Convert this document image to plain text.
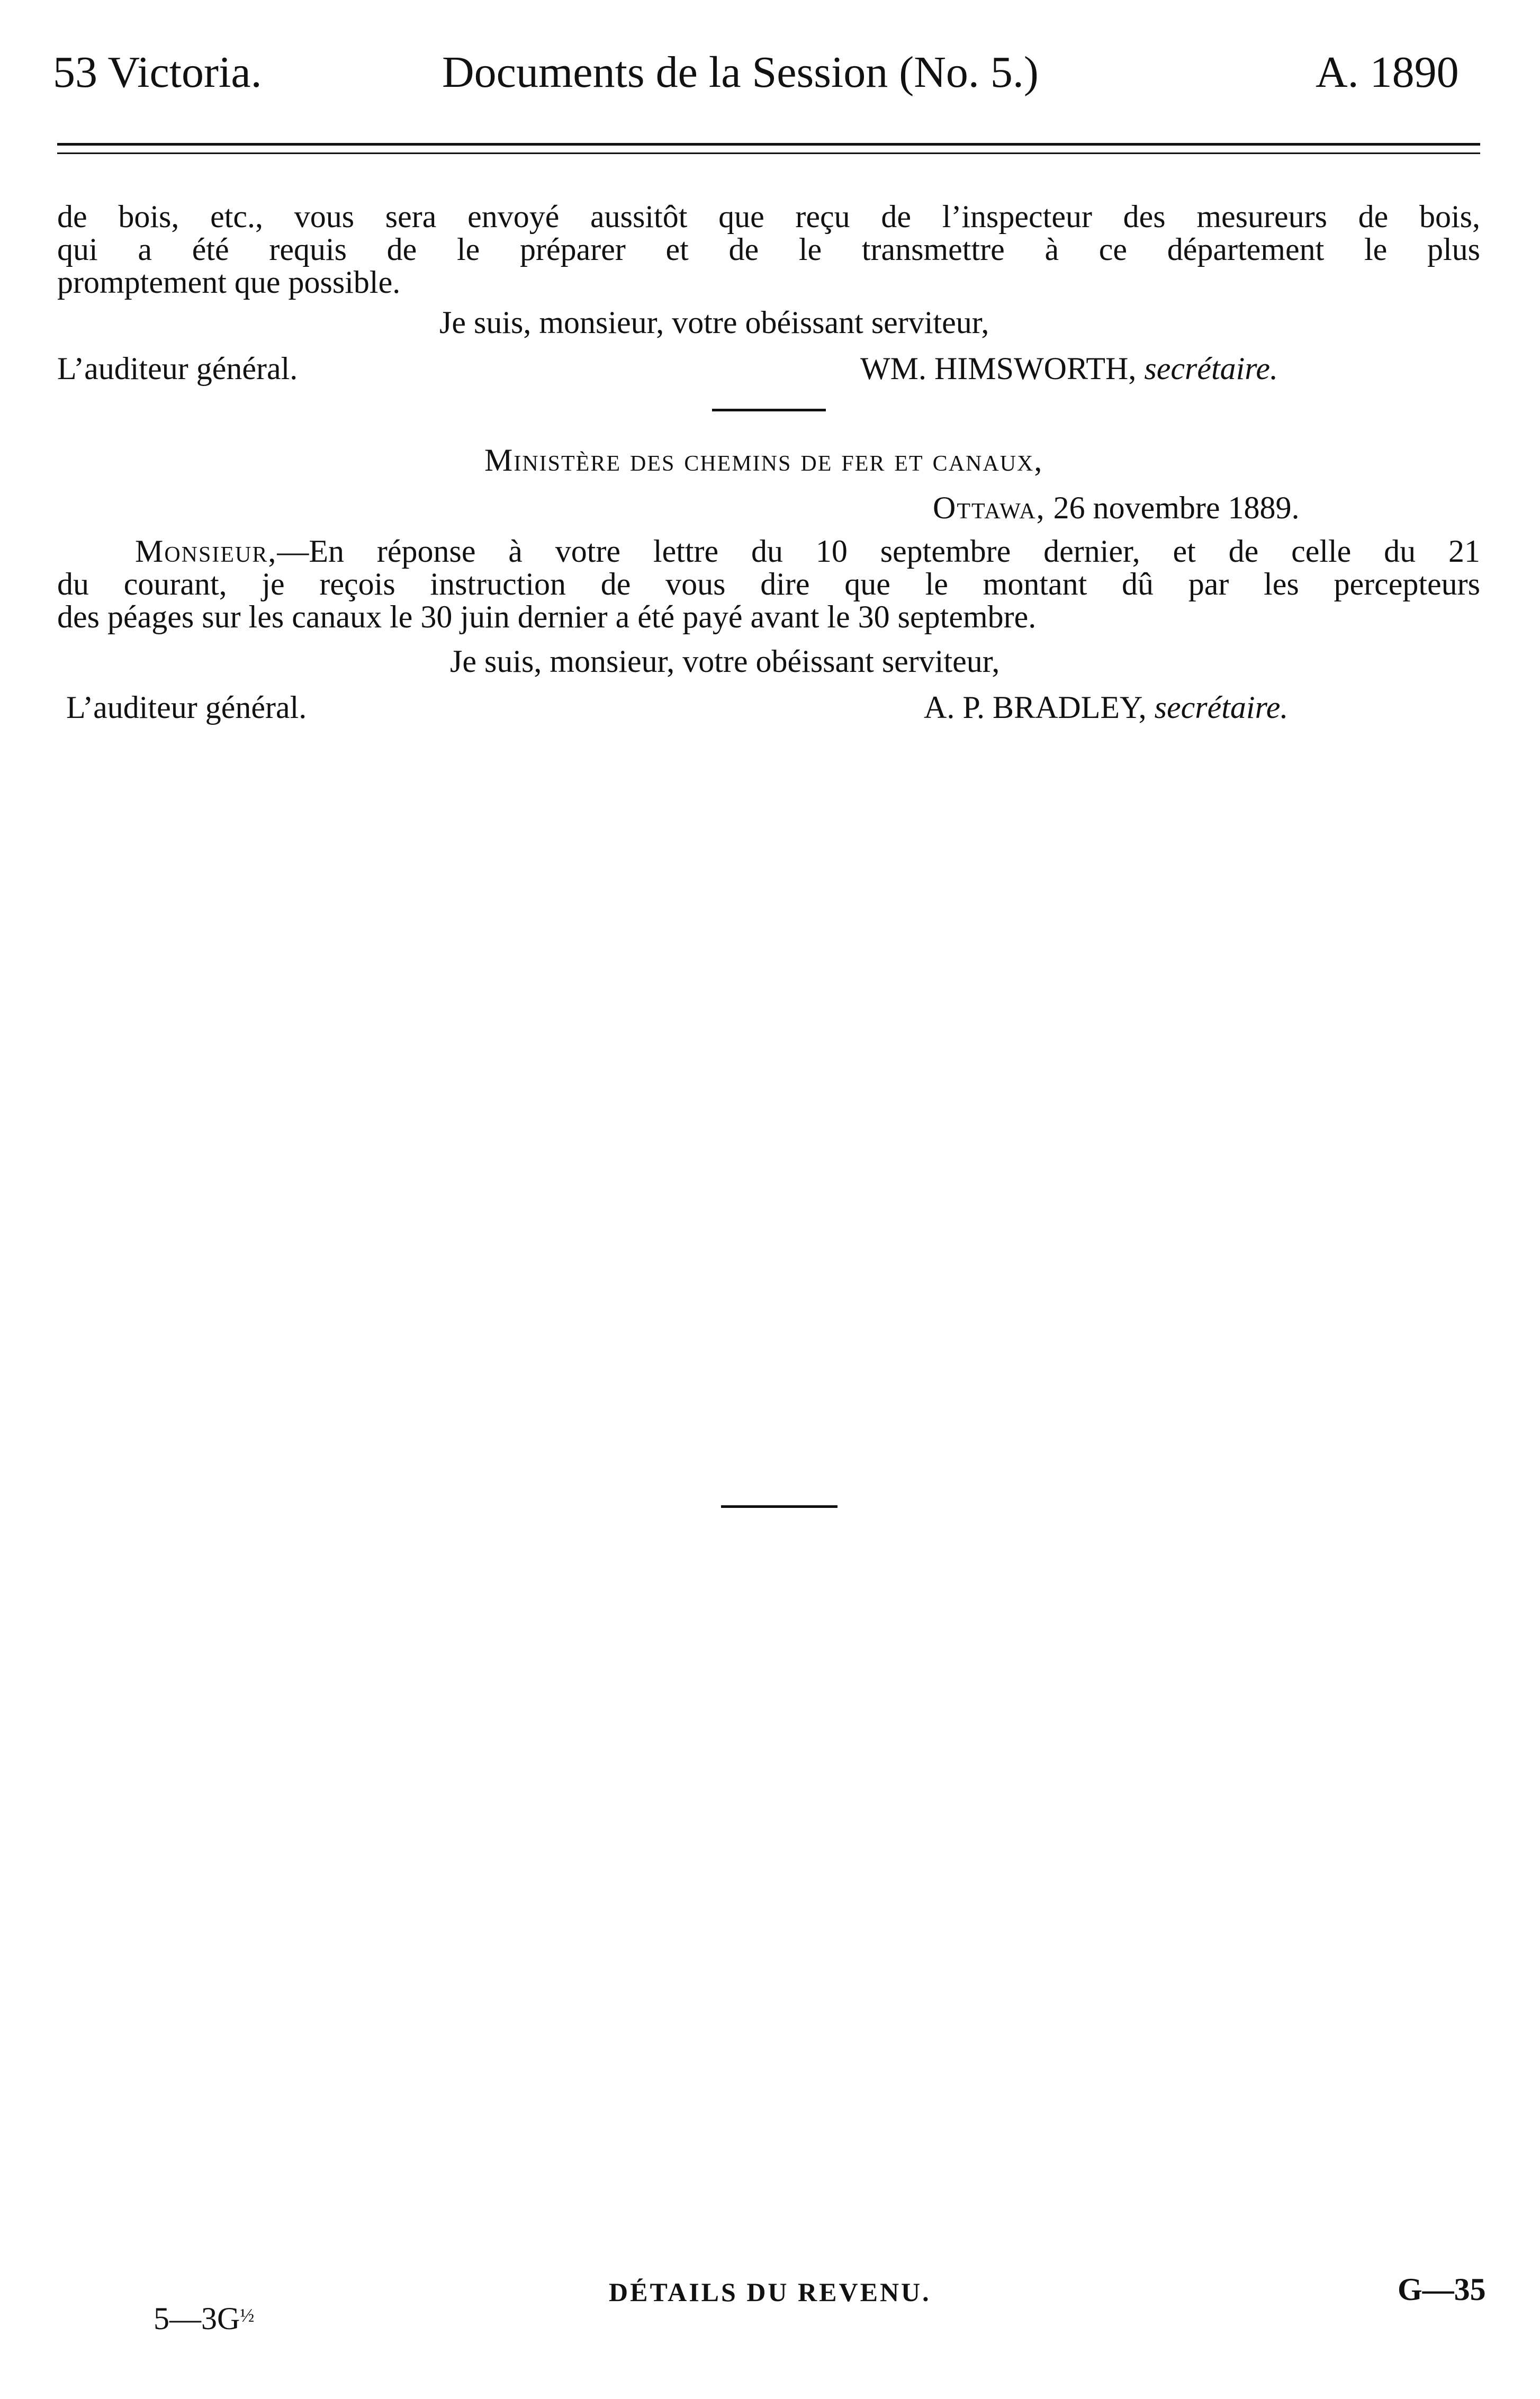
53 Victoria.	Documents de la Session (No. 5.)	A. 1890
de bois, etc., vous sera envoyé aussitôt que reçu de l’inspecteur des mesureurs de bois,
qui a été requis de le préparer et de le transmettre à ce département le plus
promptement que possible.
Je suis, monsieur, votre obéissant serviteur,
L’auditeur général.	WM. HIMSWORTH, secrétaire.
Ministère des chemins de fer et canaux,
Ottawa, 26 novembre 1889.
Monsieur,—En réponse à votre lettre du 10 septembre dernier, et de celle du 21
du courant, je reçois instruction de vous dire que le montant dû par les percepteurs
des péages sur les canaux le 30 juin dernier a été payé avant le 30 septembre.
Je suis, monsieur, votre obéissant serviteur,
L’auditeur général.	A. P. BRADLEY, secrétaire.
DÉTAILS DU REVENU.	G—35
$5—3G^{\frac{1}{2}}$
